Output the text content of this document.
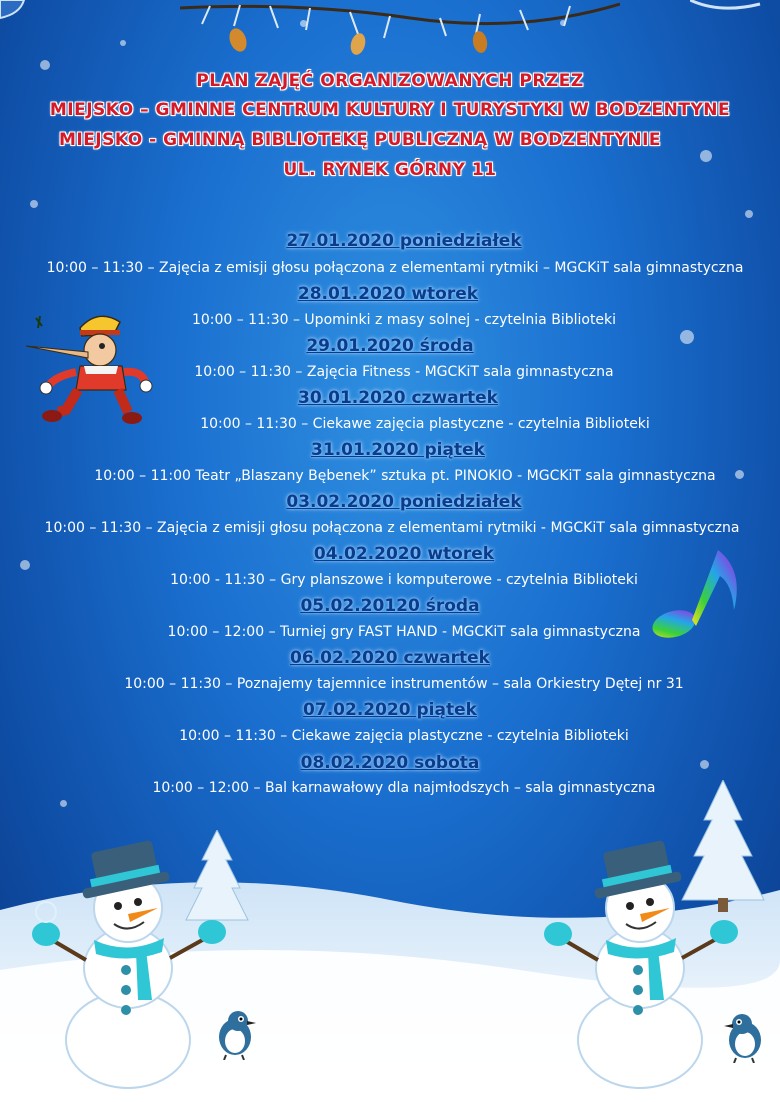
PLAN ZAJĘĆ ORGANIZOWANYCH PRZEZ
MIEJSKO – GMINNE CENTRUM KULTURY I TURYSTYKI W BODZENTYNE
MIEJSKO - GMINNĄ BIBLIOTEKĘ PUBLICZNĄ W BODZENTYNIE
UL. RYNEK GÓRNY 11
27.01.2020 poniedziałek
10:00 – 11:30 – Zajęcia z emisji głosu połączona z elementami rytmiki – MGCKiT sala gimnastyczna
28.01.2020 wtorek
10:00 – 11:30 – Upominki z masy solnej - czytelnia Biblioteki
29.01.2020 środa
10:00 – 11:30 – Zajęcia Fitness - MGCKiT sala gimnastyczna
30.01.2020 czwartek
10:00 – 11:30 – Ciekawe zajęcia plastyczne - czytelnia Biblioteki
31.01.2020 piątek
10:00 – 11:00 Teatr „Blaszany Bębenek” sztuka pt. PINOKIO - MGCKiT sala gimnastyczna
03.02.2020 poniedziałek
10:00 – 11:30 – Zajęcia z emisji głosu połączona z elementami rytmiki - MGCKiT sala gimnastyczna
04.02.2020 wtorek
10:00 - 11:30 – Gry planszowe i komputerowe - czytelnia Biblioteki
05.02.20120 środa
10:00 – 12:00 – Turniej gry FAST HAND - MGCKiT sala gimnastyczna
06.02.2020 czwartek
10:00 – 11:30 – Poznajemy tajemnice instrumentów – sala Orkiestry Dętej nr 31
07.02.2020 piątek
10:00 – 11:30 – Ciekawe zajęcia plastyczne - czytelnia Biblioteki
08.02.2020 sobota
10:00 – 12:00 – Bal karnawałowy dla najmłodszych – sala gimnastyczna
